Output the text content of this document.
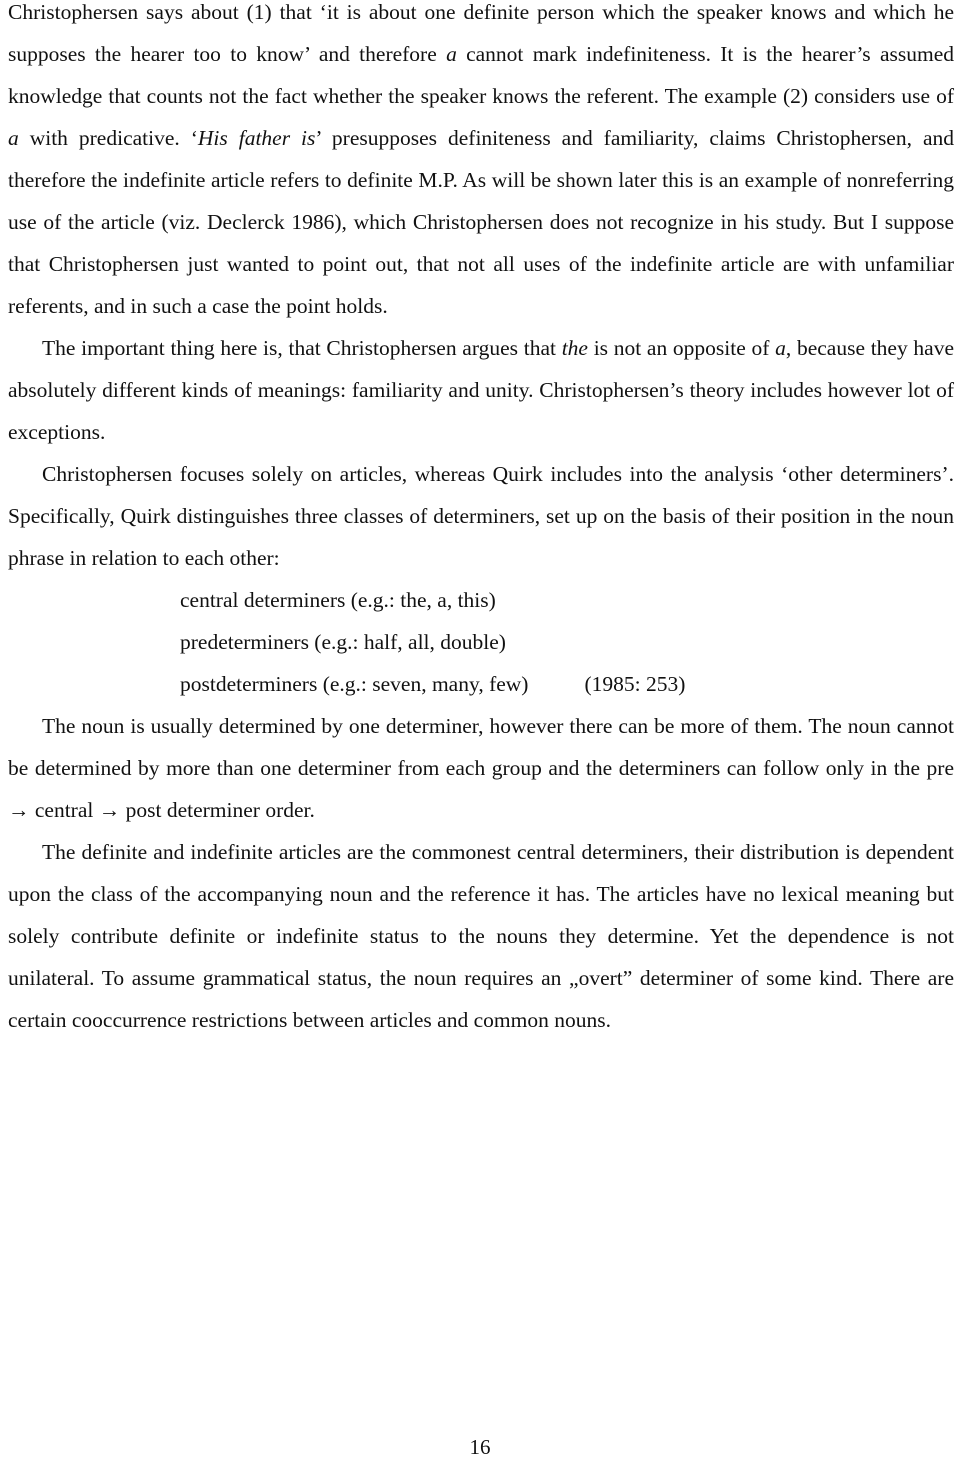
Christophersen says about (1) that ‘it is about one definite person which the speaker knows and which he supposes the hearer too to know’ and therefore a cannot mark indefiniteness. It is the hearer’s assumed knowledge that counts not the fact whether the speaker knows the referent. The example (2) considers use of a with predicative. ‘His father is’ presupposes definiteness and familiarity, claims Christophersen, and therefore the indefinite article refers to definite M.P. As will be shown later this is an example of nonreferring use of the article (viz. Declerck 1986), which Christophersen does not recognize in his study. But I suppose that Christophersen just wanted to point out, that not all uses of the indefinite article are with unfamiliar referents, and in such a case the point holds.

The important thing here is, that Christophersen argues that the is not an opposite of a, because they have absolutely different kinds of meanings: familiarity and unity. Christophersen’s theory includes however lot of exceptions.

Christophersen focuses solely on articles, whereas Quirk includes into the analysis ‘other determiners’. Specifically, Quirk distinguishes three classes of determiners, set up on the basis of their position in the noun phrase in relation to each other:

central determiners (e.g.: the, a, this)
predeterminers (e.g.: half, all, double)
postdeterminers (e.g.: seven, many, few)	(1985: 253)

The noun is usually determined by one determiner, however there can be more of them. The noun cannot be determined by more than one determiner from each group and the determiners can follow only in the pre → central → post determiner order.

The definite and indefinite articles are the commonest central determiners, their distribution is dependent upon the class of the accompanying noun and the reference it has. The articles have no lexical meaning but solely contribute definite or indefinite status to the nouns they determine. Yet the dependence is not unilateral. To assume grammatical status, the noun requires an „overt” determiner of some kind. There are certain cooccurrence restrictions between articles and common nouns.

16
